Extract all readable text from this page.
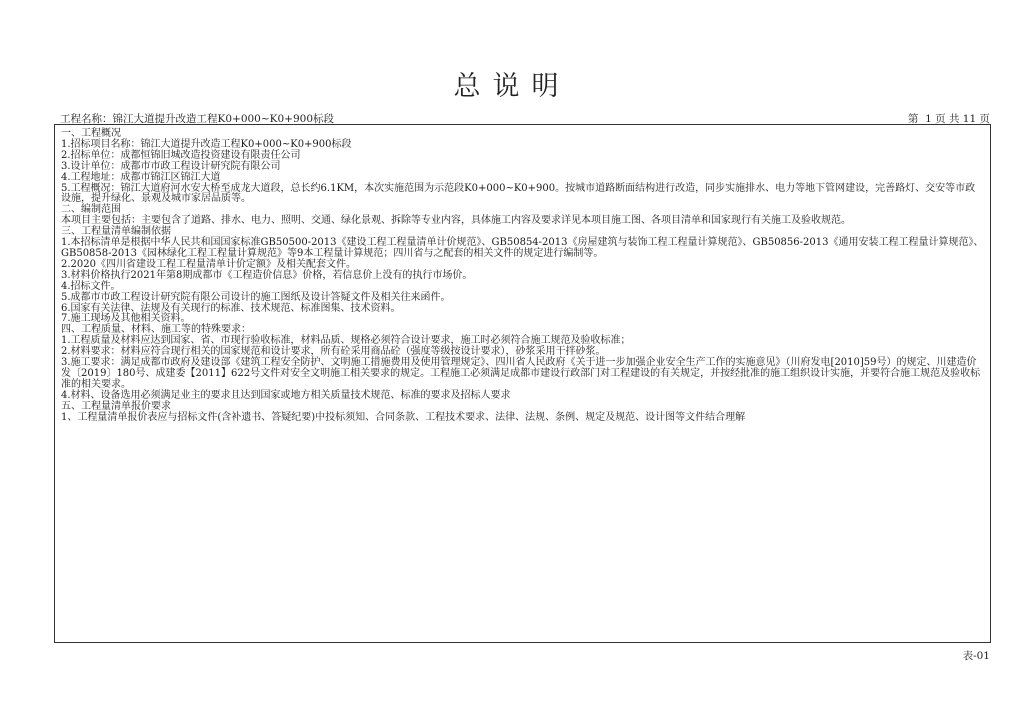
总说明
工程名称：锦江大道提升改造工程K0+000~K0+900标段	第  1 页 共 11 页
一、工程概况
1.招标项目名称：锦江大道提升改造工程K0+000~K0+900标段
2.招标单位：成都恒锦旧城改造投资建设有限责任公司
3.设计单位：成都市市政工程设计研究院有限公司
4.工程地址：成都市锦江区锦江大道
5.工程概况：锦江大道府河水安大桥至成龙大道段，总长约6.1KM，本次实施范围为示范段K0+000~K0+900。按城市道路断面结构进行改造，同步实施排水、电力等地下管网建设，完善路灯、交安等市政设施，提升绿化、景观及城市家居品质等。
二、编制范围
本项目主要包括：主要包含了道路、排水、电力、照明、交通、绿化景观、拆除等专业内容，具体施工内容及要求详见本项目施工图、各项目清单和国家现行有关施工及验收规范。
三、工程量清单编制依据
1.本招标清单是根据中华人民共和国国家标准GB50500-2013《建设工程工程量清单计价规范》、GB50854-2013《房屋建筑与装饰工程工程量计算规范》、GB50856-2013《通用安装工程工程量计算规范》、GB50858-2013《园林绿化工程工程量计算规范》等9本工程量计算规范；四川省与之配套的相关文件的规定进行编制等。
2.2020《四川省建设工程工程量清单计价定额》及相关配套文件。
3.材料价格执行2021年第8期成都市《工程造价信息》价格，若信息价上没有的执行市场价。
4.招标文件。
5.成都市市政工程设计研究院有限公司设计的施工图纸及设计答疑文件及相关往来函件。
6.国家有关法律、法规及有关现行的标准、技术规范、标准图集、技术资料。
7.施工现场及其他相关资料。
四、工程质量、材料、施工等的特殊要求：
1.工程质量及材料应达到国家、省、市现行验收标准，材料品质、规格必须符合设计要求，施工时必须符合施工规范及验收标准；
2.材料要求：材料应符合现行相关的国家规范和设计要求，所有砼采用商品砼（强度等级按设计要求），砂浆采用干拌砂浆。
3.施工要求：满足成都市政府及建设部《建筑工程安全防护、文明施工措施费用及使用管理规定》、四川省人民政府《关于进一步加强企业安全生产工作的实施意见》（川府发电[2010]59号）的规定、川建造价发〔2019〕180号、成建委【2011】622号文件对安全文明施工相关要求的规定。工程施工必须满足成都市建设行政部门对工程建设的有关规定，并按经批准的施工组织设计实施，并要符合施工规范及验收标准的相关要求。
4.材料、设备选用必须满足业主的要求且达到国家或地方相关质量技术规范、标准的要求及招标人要求
五、工程量清单报价要求
1、工程量清单报价表应与招标文件(含补遗书、答疑纪要)中投标须知、合同条款、工程技术要求、法律、法规、条例、规定及规范、设计图等文件结合理解
表-01
